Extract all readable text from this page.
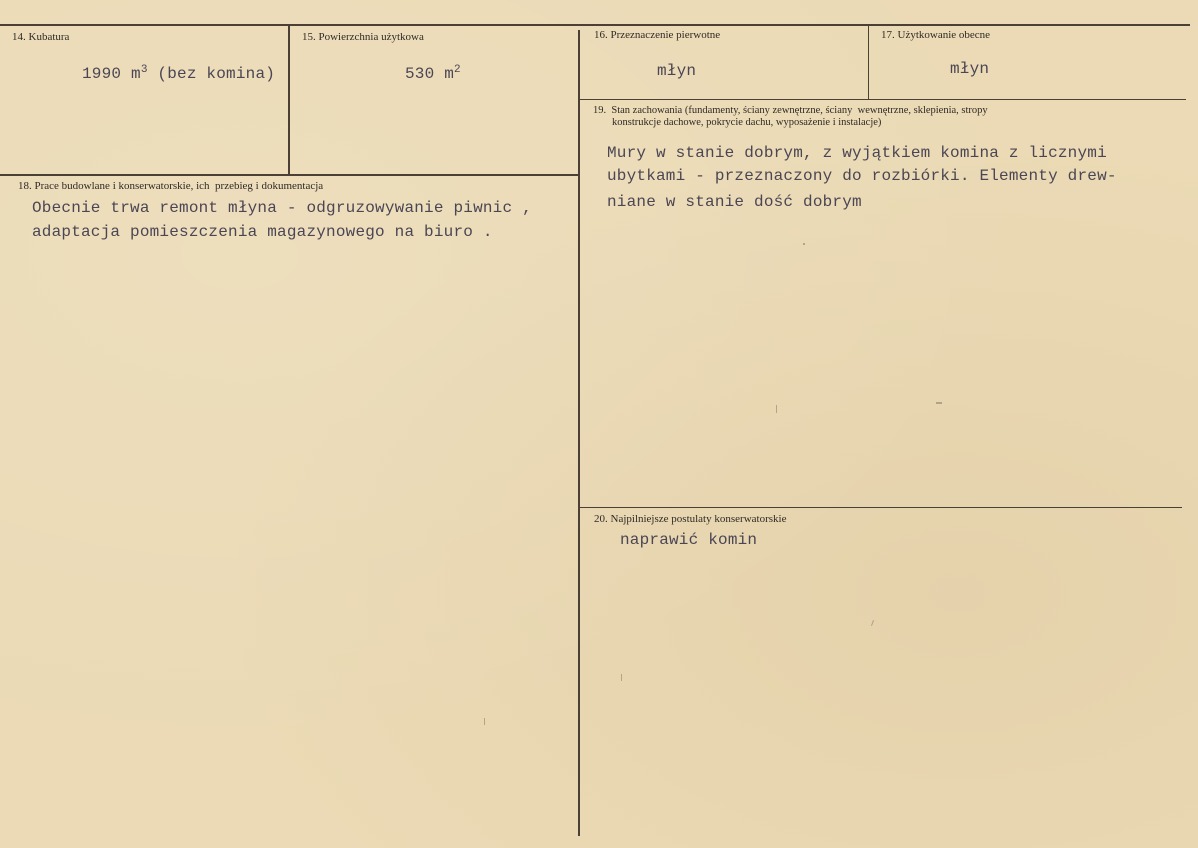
14. Kubatura
1990 $m^3$ (bez komina)
15. Powierzchnia użytkowa
530 $m^2$
16. Przeznaczenie pierwotne
młyn
17. Użytkowanie obecne
młyn
18. Prace budowlane i konserwatorskie, ich  przebieg i dokumentacja
Obecnie trwa remont młyna - odgruzowywanie piwnic ,
adaptacja pomieszczenia magazynowego na biuro .
19.  Stan zachowania (fundamenty, ściany zewnętrzne, ściany  wewnętrzne, sklepienia, stropy
konstrukcje dachowe, pokrycie dachu, wyposażenie i instalacje)
Mury w stanie dobrym, z wyjątkiem komina z licznymi
ubytkami - przeznaczony do rozbiórki. Elementy drew-
niane w stanie dość dobrym
20. Najpilniejsze postulaty konserwatorskie
naprawić komin
